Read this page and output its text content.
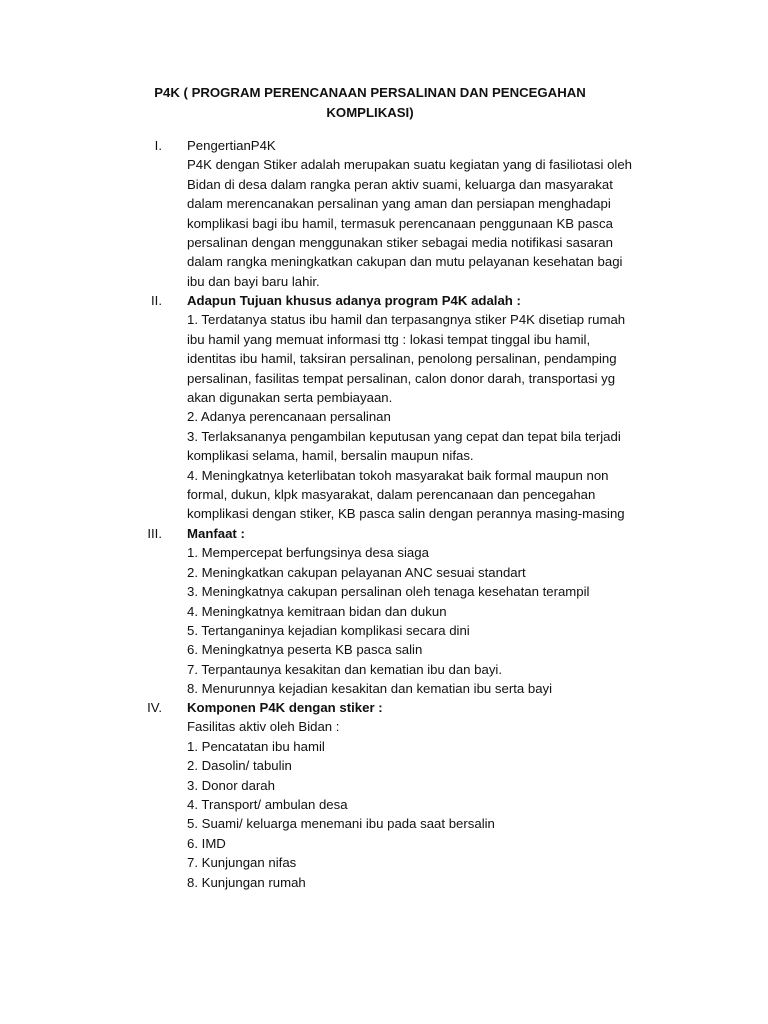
P4K ( PROGRAM PERENCANAAN PERSALINAN DAN PENCEGAHAN
KOMPLIKASI)
I. PengertianP4K
P4K dengan Stiker adalah merupakan suatu kegiatan yang di fasiliotasi oleh
Bidan di desa dalam rangka peran aktiv suami, keluarga dan masyarakat
dalam merencanakan persalinan yang aman dan persiapan menghadapi
komplikasi bagi ibu hamil, termasuk perencanaan penggunaan KB pasca
persalinan dengan menggunakan stiker sebagai media notifikasi sasaran
dalam rangka meningkatkan cakupan dan mutu pelayanan kesehatan bagi
ibu dan bayi baru lahir.
II. Adapun Tujuan khusus adanya program P4K adalah :
1. Terdatanya status ibu hamil dan terpasangnya stiker P4K disetiap rumah
ibu hamil yang memuat informasi ttg : lokasi tempat tinggal ibu hamil,
identitas ibu hamil, taksiran persalinan, penolong persalinan, pendamping
persalinan, fasilitas tempat persalinan, calon donor darah, transportasi yg
akan digunakan serta pembiayaan.
2. Adanya perencanaan persalinan
3. Terlaksananya pengambilan keputusan yang cepat dan tepat bila terjadi
komplikasi selama, hamil, bersalin maupun nifas.
4. Meningkatnya keterlibatan tokoh masyarakat baik formal maupun non
formal, dukun, klpk masyarakat, dalam perencanaan dan pencegahan
komplikasi dengan stiker, KB pasca salin dengan perannya masing-masing
III. Manfaat :
1. Mempercepat berfungsinya desa siaga
2. Meningkatkan cakupan pelayanan ANC sesuai standart
3. Meningkatnya cakupan persalinan oleh tenaga kesehatan terampil
4. Meningkatnya kemitraan bidan dan dukun
5. Tertanganinya kejadian komplikasi secara dini
6. Meningkatnya peserta KB pasca salin
7. Terpantaunya kesakitan dan kematian ibu dan bayi.
8. Menurunnya kejadian kesakitan dan kematian ibu serta bayi
IV. Komponen P4K dengan stiker :
Fasilitas aktiv oleh Bidan :
1. Pencatatan ibu hamil
2. Dasolin/ tabulin
3. Donor darah
4. Transport/ ambulan desa
5. Suami/ keluarga menemani ibu pada saat bersalin
6. IMD
7. Kunjungan nifas
8. Kunjungan rumah
